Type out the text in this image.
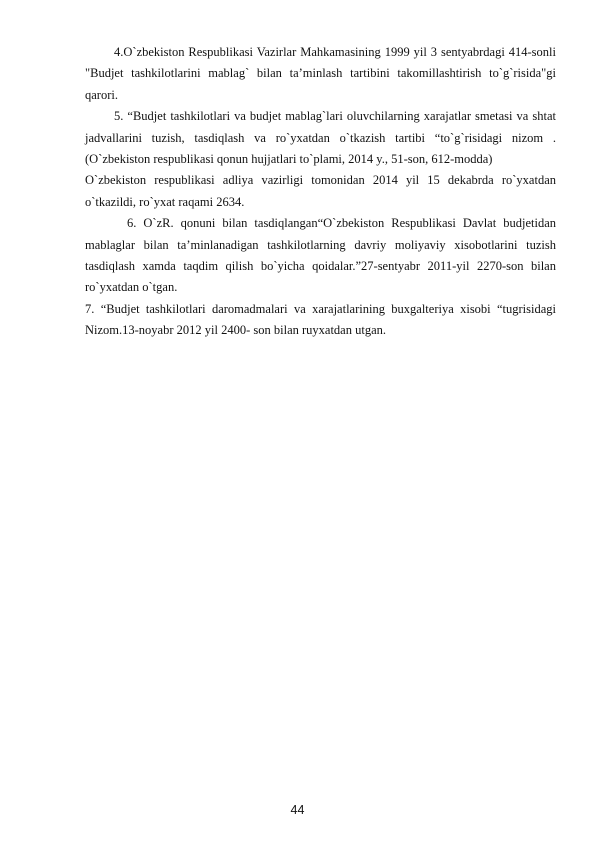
4.O`zbekiston Respublikasi Vazirlar Mahkamasining 1999 yil 3 sentyabrdagi 414-sonli "Budjet tashkilotlarini mablag` bilan ta’minlash tartibini takomillashtirish to`g`risida"gi qarori.

5. “Budjet tashkilotlari va budjet mablag`lari oluvchilarning xarajatlar smetasi va shtat jadvallarini tuzish, tasdiqlash va ro`yxatdan o`tkazish tartibi “to`g`risidagi nizom .(O`zbekiston respublikasi qonun hujjatlari to`plami, 2014 y., 51-son, 612-modda)

O`zbekiston respublikasi adliya vazirligi tomonidan 2014 yil 15 dekabrda ro`yxatdan o`tkazildi, ro`yxat raqami 2634.

6. O`zR. qonuni bilan tasdiqlangan“O`zbekiston Respublikasi Davlat budjetidan mablaglar bilan ta’minlanadigan tashkilotlarning davriy moliyaviy xisobotlarini tuzish tasdiqlash xamda taqdim qilish bo`yicha qoidalar.”27-sentyabr 2011-yil 2270-son bilan ro`yxatdan o`tgan.

7. “Budjet tashkilotlari daromadmalari va xarajatlarining buxgalteriya xisobi “tugrisidagi Nizom.13-noyabr 2012 yil 2400- son bilan ruyxatdan utgan.

44
